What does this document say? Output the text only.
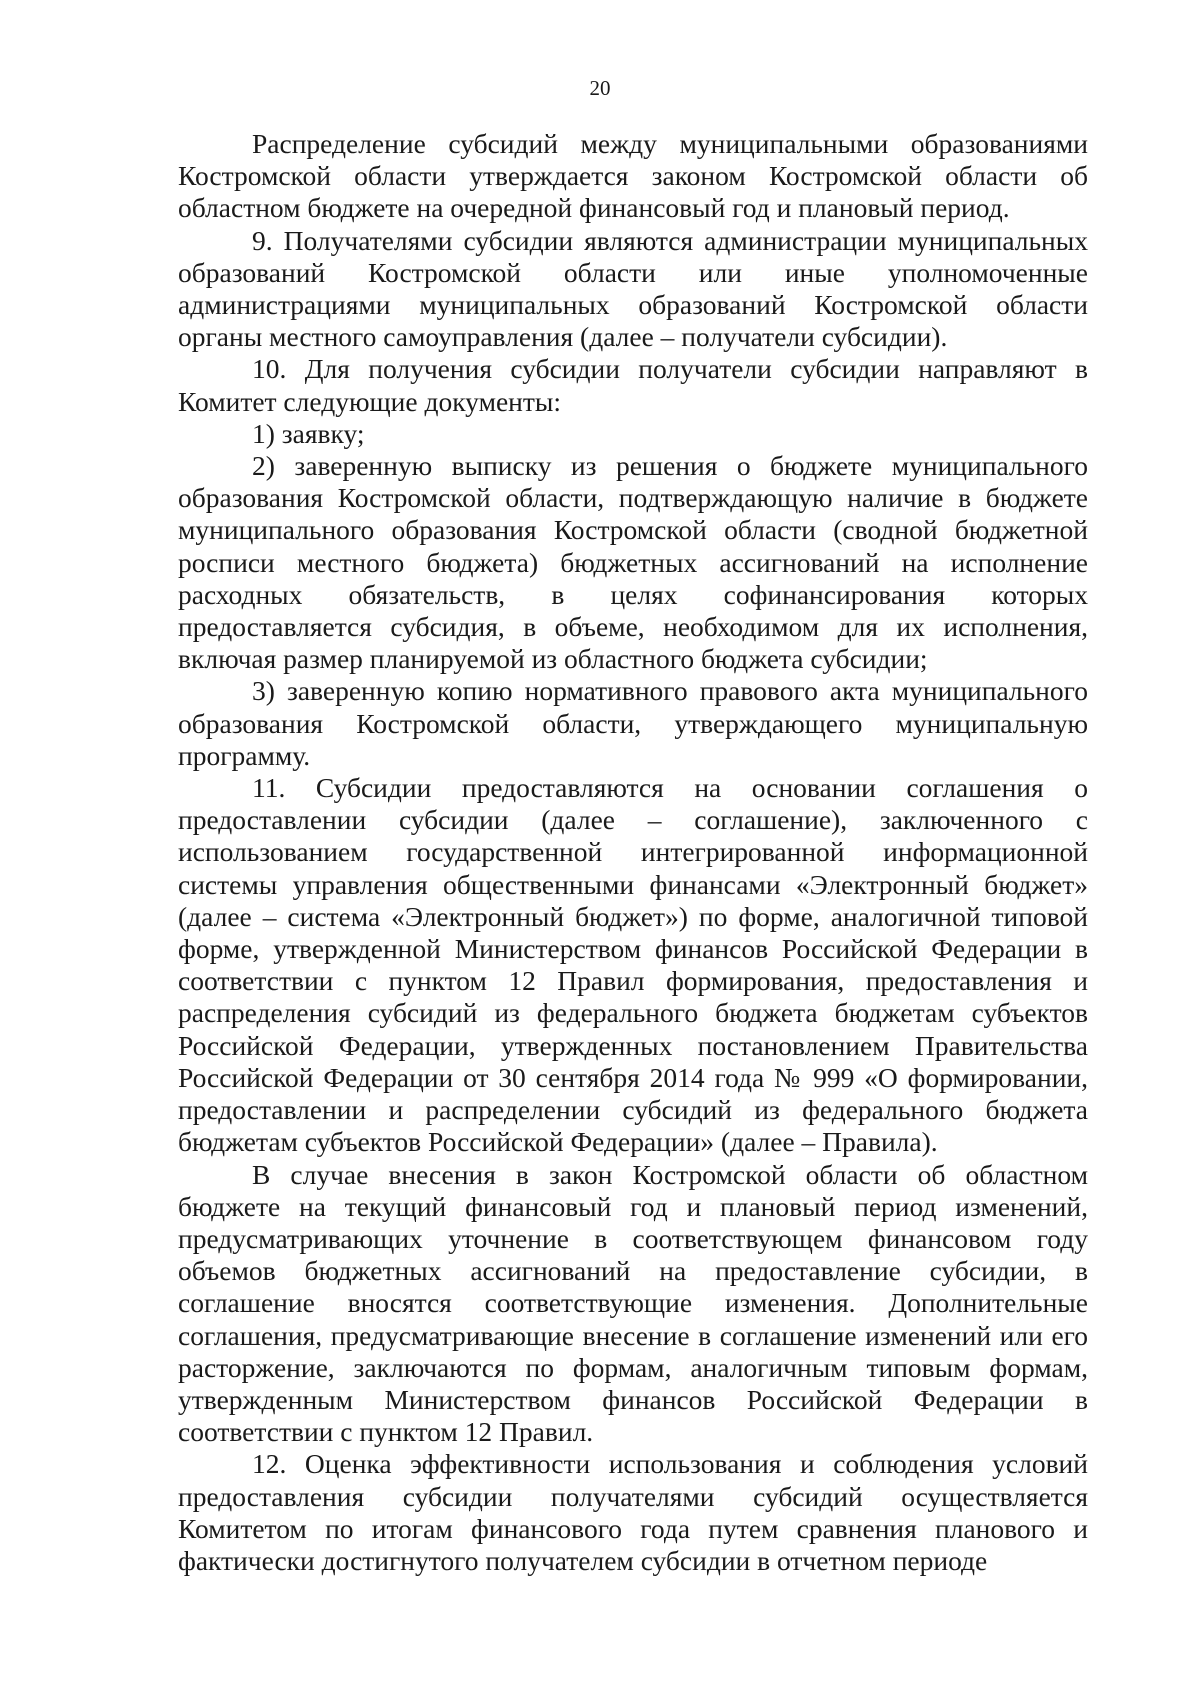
20

Распределение субсидий между муниципальными образованиями Костромской области утверждается законом Костромской области об областном бюджете на очередной финансовый год и плановый период.

9. Получателями субсидии являются администрации муниципальных образований Костромской области или иные уполномоченные администрациями муниципальных образований Костромской области органы местного самоуправления (далее – получатели субсидии).

10. Для получения субсидии получатели субсидии направляют в Комитет следующие документы:

1) заявку;

2) заверенную выписку из решения о бюджете муниципального образования Костромской области, подтверждающую наличие в бюджете муниципального образования Костромской области (сводной бюджетной росписи местного бюджета) бюджетных ассигнований на исполнение расходных обязательств, в целях софинансирования которых предоставляется субсидия, в объеме, необходимом для их исполнения, включая размер планируемой из областного бюджета субсидии;

3) заверенную копию нормативного правового акта муниципального образования Костромской области, утверждающего муниципальную программу.

11. Субсидии предоставляются на основании соглашения о предоставлении субсидии (далее – соглашение), заключенного с использованием государственной интегрированной информационной системы управления общественными финансами «Электронный бюджет» (далее – система «Электронный бюджет») по форме, аналогичной типовой форме, утвержденной Министерством финансов Российской Федерации в соответствии с пунктом 12 Правил формирования, предоставления и распределения субсидий из федерального бюджета бюджетам субъектов Российской Федерации, утвержденных постановлением Правительства Российской Федерации от 30 сентября 2014 года № 999 «О формировании, предоставлении и распределении субсидий из федерального бюджета бюджетам субъектов Российской Федерации» (далее – Правила).

В случае внесения в закон Костромской области об областном бюджете на текущий финансовый год и плановый период изменений, предусматривающих уточнение в соответствующем финансовом году объемов бюджетных ассигнований на предоставление субсидии, в соглашение вносятся соответствующие изменения. Дополнительные соглашения, предусматривающие внесение в соглашение изменений или его расторжение, заключаются по формам, аналогичным типовым формам, утвержденным Министерством финансов Российской Федерации в соответствии с пунктом 12 Правил.

12. Оценка эффективности использования и соблюдения условий предоставления субсидии получателями субсидий осуществляется Комитетом по итогам финансового года путем сравнения планового и фактически достигнутого получателем субсидии в отчетном периоде
